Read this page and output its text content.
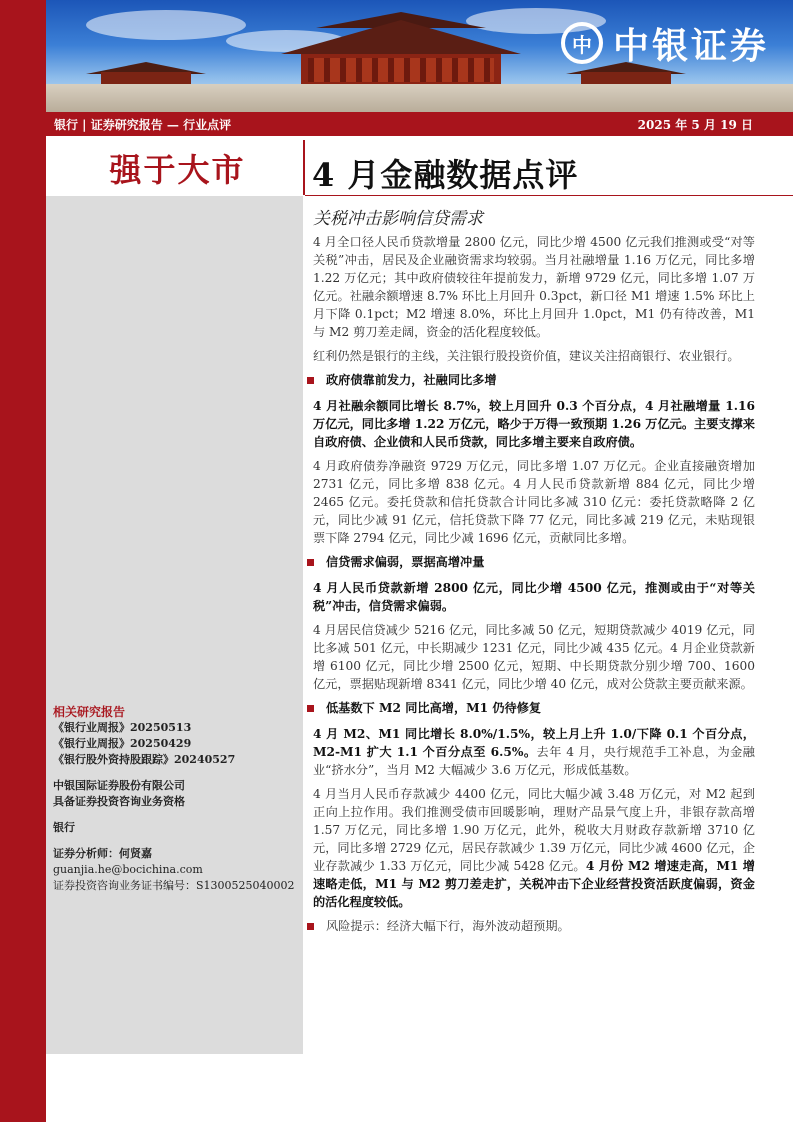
中 中银证券
银行 | 证券研究报告 — 行业点评	2025 年 5 月 19 日
强于大市	4 月金融数据点评
关税冲击影响信贷需求

4 月全口径人民币贷款增量 2800 亿元，同比少增 4500 亿元我们推测或受“对等关税”冲击，居民及企业融资需求均较弱。当月社融增量 1.16 万亿元，同比多增 1.22 万亿元；其中政府债较往年提前发力，新增 9729 亿元，同比多增 1.07 万亿元。社融余额增速 8.7% 环比上月回升 0.3pct，新口径 M1 增速 1.5% 环比上月下降 0.1pct；M2 增速 8.0%，环比上月回升 1.0pct，M1 仍有待改善，M1 与 M2 剪刀差走阔，资金的活化程度较低。

红利仍然是银行的主线，关注银行股投资价值，建议关注招商银行、农业银行。

政府债靠前发力，社融同比多增

4 月社融余额同比增长 8.7%，较上月回升 0.3 个百分点，4 月社融增量 1.16 万亿元，同比多增 1.22 万亿元，略少于万得一致预期 1.26 万亿元。主要支撑来自政府债、企业债和人民币贷款，同比多增主要来自政府债。

4 月政府债券净融资 9729 万亿元，同比多增 1.07 万亿元。企业直接融资增加 2731 亿元，同比多增 838 亿元。4 月人民币贷款新增 884 亿元，同比少增 2465 亿元。委托贷款和信托贷款合计同比多减 310 亿元：委托贷款略降 2 亿元，同比少减 91 亿元，信托贷款下降 77 亿元，同比多减 219 亿元，未贴现银票下降 2794 亿元，同比少减 1696 亿元，贡献同比多增。

信贷需求偏弱，票据高增冲量

4 月人民币贷款新增 2800 亿元，同比少增 4500 亿元，推测或由于“对等关税”冲击，信贷需求偏弱。

4 月居民信贷减少 5216 亿元，同比多减 50 亿元，短期贷款减少 4019 亿元，同比多减 501 亿元，中长期减少 1231 亿元，同比少减 435 亿元。4 月企业贷款新增 6100 亿元，同比少增 2500 亿元，短期、中长期贷款分别少增 700、1600 亿元，票据贴现新增 8341 亿元，同比少增 40 亿元，成对公贷款主要贡献来源。

低基数下 M2 同比高增，M1 仍待修复

4 月 M2、M1 同比增长 8.0%/1.5%，较上月上升 1.0/下降 0.1 个百分点，M2-M1 扩大 1.1 个百分点至 6.5%。去年 4 月，央行规范手工补息，为金融业“挤水分”，当月 M2 大幅减少 3.6 万亿元，形成低基数。

4 月当月人民币存款减少 4400 亿元，同比大幅少减 3.48 万亿元，对 M2 起到正向上拉作用。我们推测受债市回暖影响，理财产品景气度上升，非银存款高增 1.57 万亿元，同比多增 1.90 万亿元，此外，税收大月财政存款新增 3710 亿元，同比多增 2729 亿元，居民存款减少 1.39 万亿元，同比少减 4600 亿元，企业存款减少 1.33 万亿元，同比少减 5428 亿元。4 月份 M2 增速走高，M1 增速略走低，M1 与 M2 剪刀差走扩，关税冲击下企业经营投资活跃度偏弱，资金的活化程度较低。

风险提示：经济大幅下行，海外波动超预期。
相关研究报告
《银行业周报》20250513
《银行业周报》20250429
《银行股外资持股跟踪》20240527
中银国际证券股份有限公司
具备证券投资咨询业务资格
银行
证券分析师：何贤嘉
guanjia.he@bocichina.com
证券投资咨询业务证书编号：S1300525040002
